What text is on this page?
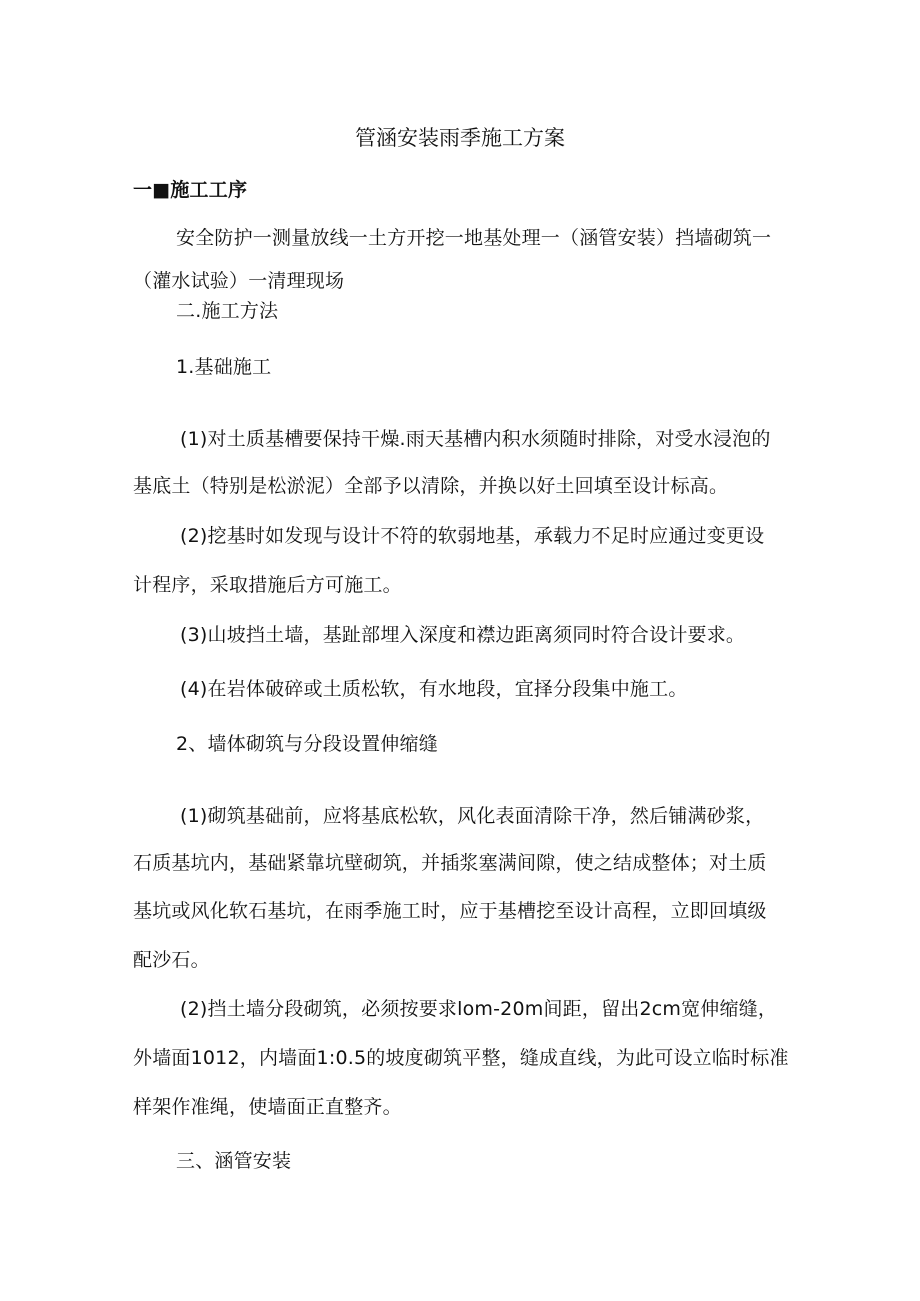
管涵安装雨季施工方案
一■施工工序
安全防护一测量放线一土方开挖一地基处理一（涵管安装）挡墙砌筑一
（灌水试验）一清理现场
二.施工方法
1.基础施工
(1)对土质基槽要保持干燥.雨天基槽内积水须随时排除，对受水浸泡的
基底土（特别是松淤泥）全部予以清除，并换以好土回填至设计标高。
(2)挖基时如发现与设计不符的软弱地基，承载力不足时应通过变更设
计程序，采取措施后方可施工。
(3)山坡挡土墙，基趾部埋入深度和襟边距离须同时符合设计要求。
(4)在岩体破碎或土质松软，有水地段，宜择分段集中施工。
2、墙体砌筑与分段设置伸缩缝
(1)砌筑基础前，应将基底松软，风化表面清除干净，然后铺满砂浆，
石质基坑内，基础紧靠坑壁砌筑，并插浆塞满间隙，使之结成整体；对土质
基坑或风化软石基坑，在雨季施工时，应于基槽挖至设计高程，立即回填级
配沙石。
(2)挡土墙分段砌筑，必须按要求lom-20m间距，留出2cm宽伸缩缝，
外墙面1012，内墙面1:0.5的坡度砌筑平整，缝成直线，为此可设立临时标准
样架作准绳，使墙面正直整齐。
三、涵管安装
